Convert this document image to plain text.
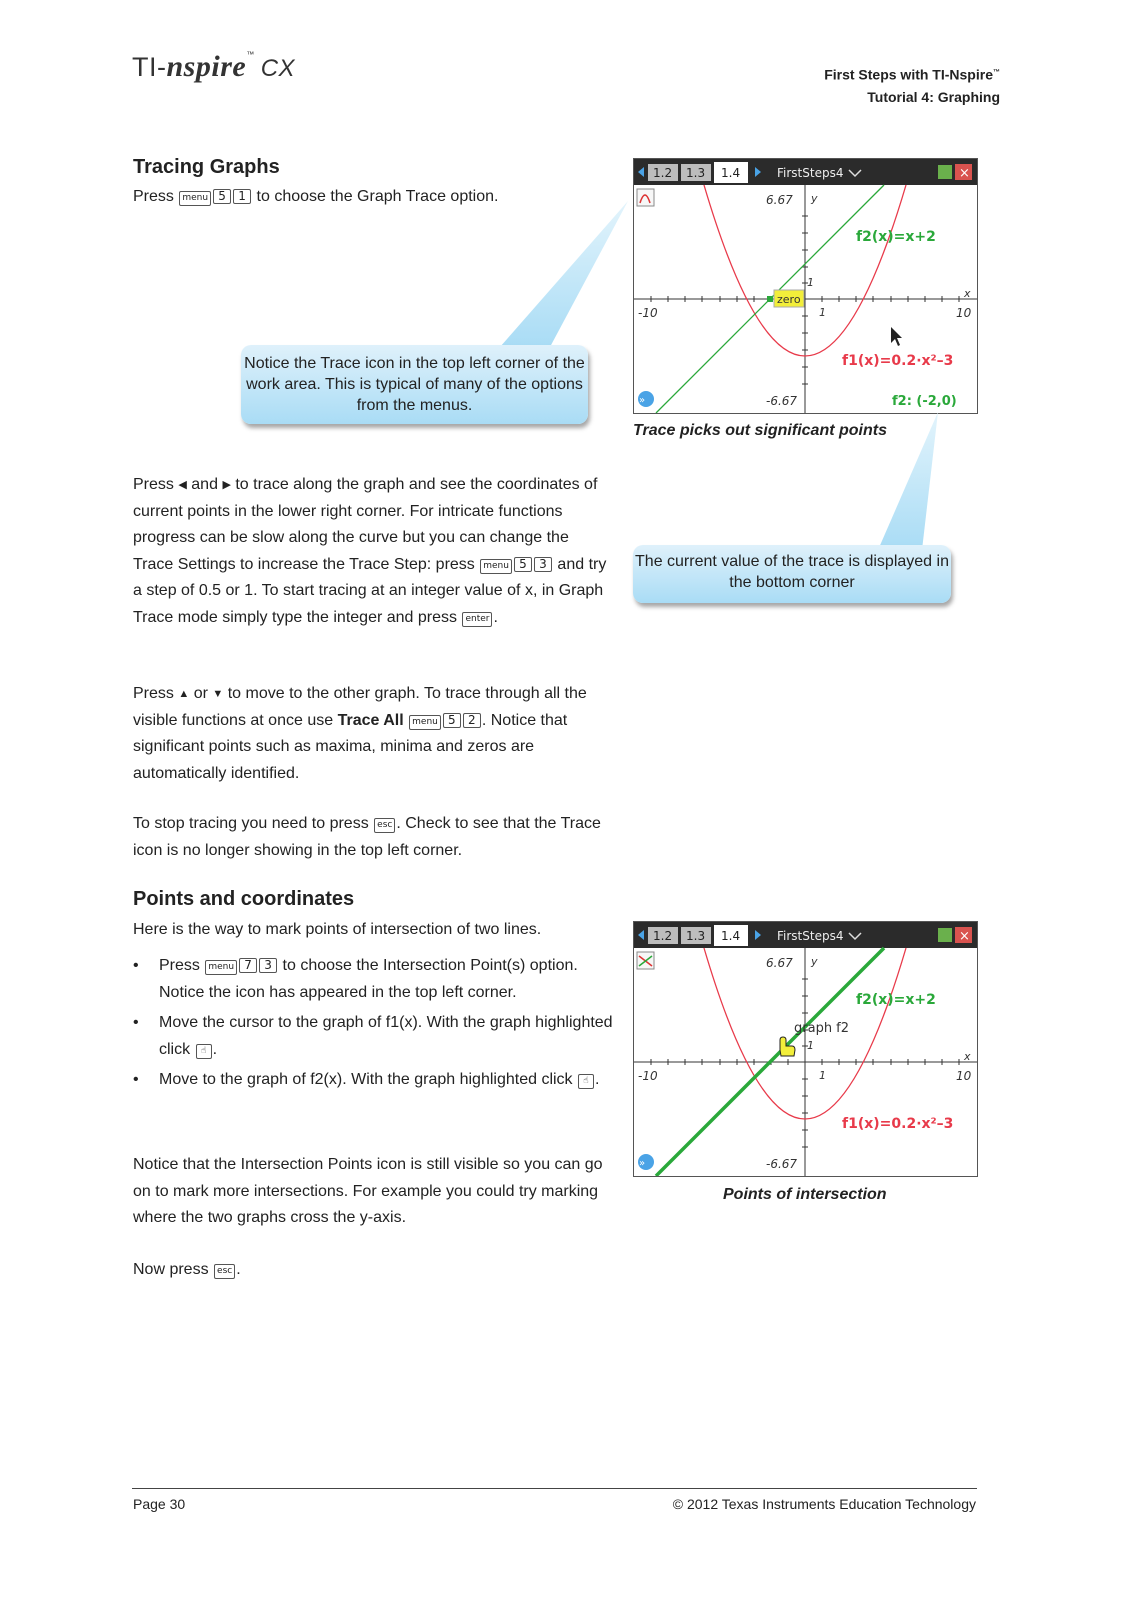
TI-nspire™CX	First Steps with TI-Nspire™
Tutorial 4: Graphing
Tracing Graphs
Press menu 5 1 to choose the Graph Trace option.
Notice the Trace icon in the top left corner of the work area. This is typical of many of the options from the menus.
Press ◀ and ▶ to trace along the graph and see the coordinates of current points in the lower right corner. For intricate functions progress can be slow along the curve but you can change the Trace Settings to increase the Trace Step: press menu 5 3 and try a step of 0.5 or 1. To start tracing at an integer value of x, in Graph Trace mode simply type the integer and press enter .
Press ▲ or ▼ to move to the other graph. To trace through all the visible functions at once use Trace All menu 5 2 . Notice that significant points such as maxima, minima and zeros are automatically identified.
To stop tracing you need to press esc . Check to see that the Trace icon is no longer showing in the top left corner.
1.2 1.3 1.4	FirstSteps4	×
6.67 y
-6.67
-10	10
x
1
1
f2(x)=x+2
f1(x)=0.2·x²–3
zero
f2: (-2,0)
»
Trace picks out significant points
The current value of the trace is displayed in the bottom corner
Points and coordinates
Here is the way to mark points of intersection of two lines.
• Press menu 7 3 to choose the Intersection Point(s) option. Notice the icon has appeared in the top left corner.
• Move the cursor to the graph of f1(x). With the graph highlighted click ☝ .
• Move to the graph of f2(x). With the graph highlighted click ☝ .
Notice that the Intersection Points icon is still visible so you can go on to mark more intersections. For example you could try marking where the two graphs cross the y-axis.
Now press esc .
1.2 1.3 1.4	FirstSteps4	×
6.67 y
-6.67
-10	10
x
1
1
f2(x)=x+2
f1(x)=0.2·x²–3
graph f2
»
Points of intersection
Page 30	© 2012 Texas Instruments Education Technology
